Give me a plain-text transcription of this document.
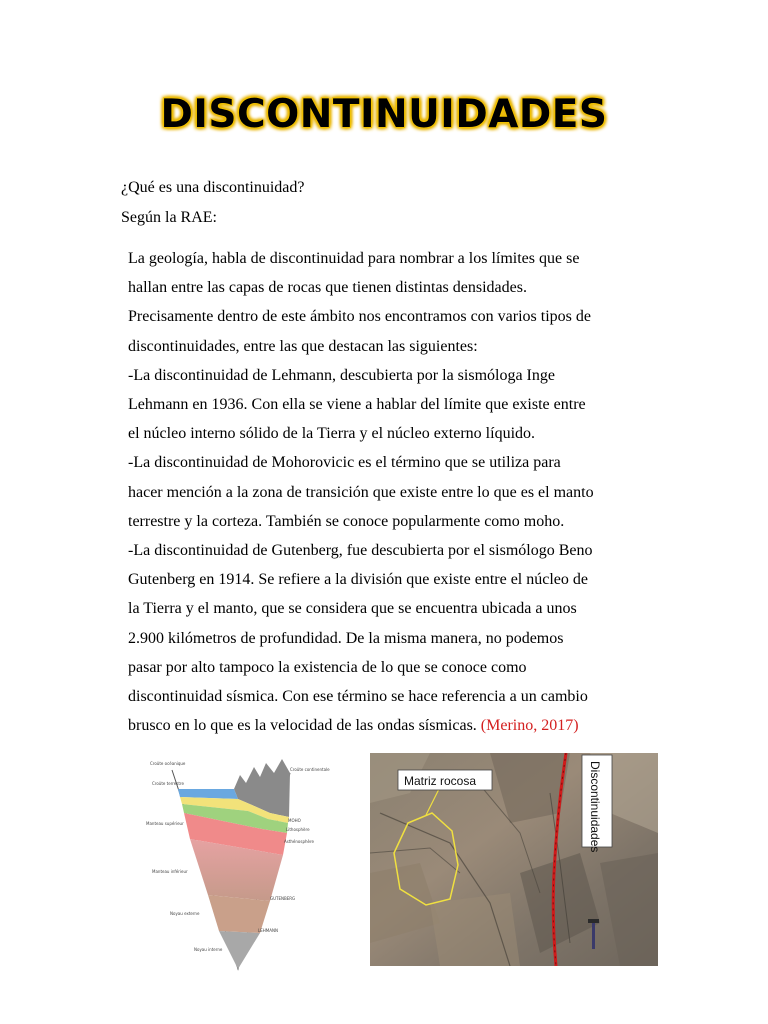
DISCONTINUIDADES
¿Qué es una discontinuidad?
Según la RAE:
La geología, habla de discontinuidad para nombrar a los límites que se
hallan entre las capas de rocas que tienen distintas densidades.
Precisamente dentro de este ámbito nos encontramos con varios tipos de
discontinuidades, entre las que destacan las siguientes:
-La discontinuidad de Lehmann, descubierta por la sismóloga Inge
Lehmann en 1936. Con ella se viene a hablar del límite que existe entre
el núcleo interno sólido de la Tierra y el núcleo externo líquido.
-La discontinuidad de Mohorovicic es el término que se utiliza para
hacer mención a la zona de transición que existe entre lo que es el manto
terrestre y la corteza. También se conoce popularmente como moho.
-La discontinuidad de Gutenberg, fue descubierta por el sismólogo Beno
Gutenberg en 1914. Se refiere a la división que existe entre el núcleo de
la Tierra y el manto, que se considera que se encuentra ubicada a unos
2.900 kilómetros de profundidad. De la misma manera, no podemos
pasar por alto tampoco la existencia de lo que se conoce como
discontinuidad sísmica. Con ese término se hace referencia a un cambio
brusco en lo que es la velocidad de las ondas sísmicas. (Merino, 2017)
Croûte océanique
Croûte continentale
Croûte terrestre
Manteau supérieur
MOHO
Lithosphère
Asthénosphère
Manteau inférieur
GUTENBERG
Noyau externe
LEHMANN
Noyau interne
Matriz rocosa	Discontinuidades
